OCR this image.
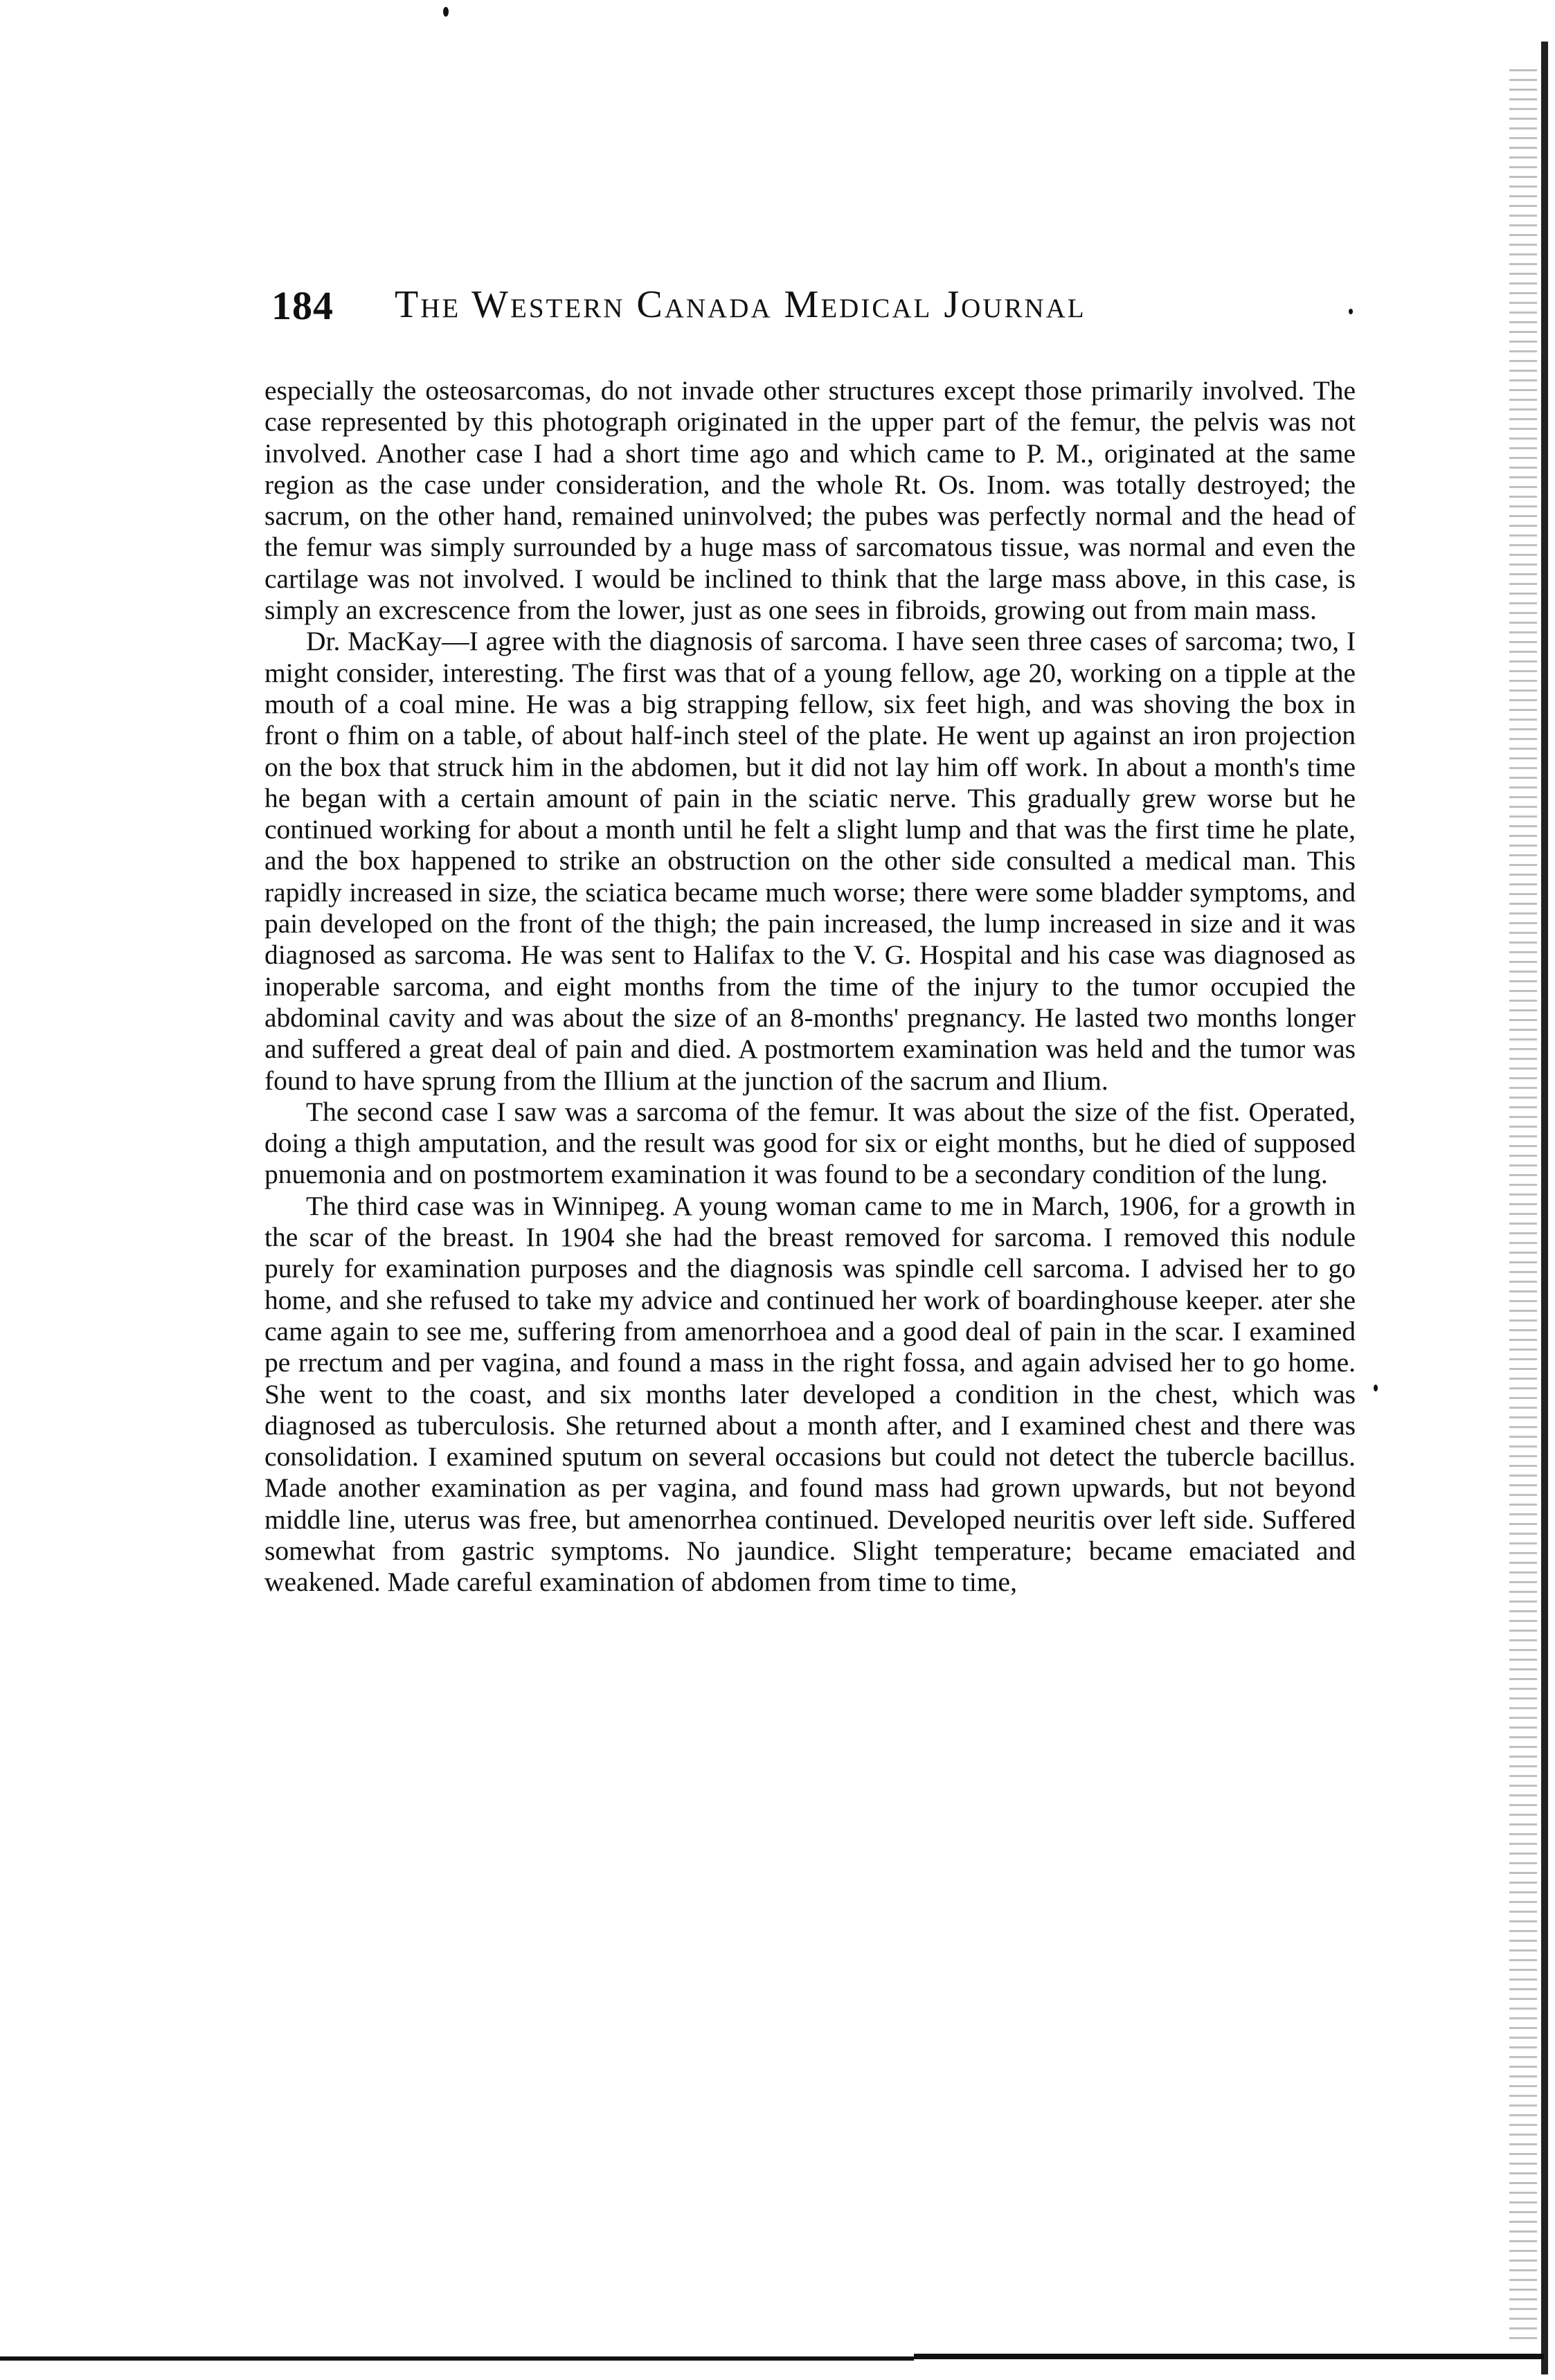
184 The Western Canada Medical Journal

especially the osteosarcomas, do not invade other structures except those primarily involved. The case represented by this photograph originated in the upper part of the femur, the pelvis was not involved. Another case I had a short time ago and which came to P. M., originated at the same region as the case under consideration, and the whole Rt. Os. Inom. was totally destroyed; the sacrum, on the other hand, remained uninvolved; the pubes was perfectly normal and the head of the femur was simply surrounded by a huge mass of sarcomatous tissue, was normal and even the cartilage was not involved. I would be inclined to think that the large mass above, in this case, is simply an excrescence from the lower, just as one sees in fibroids, growing out from main mass.

Dr. MacKay—I agree with the diagnosis of sarcoma. I have seen three cases of sarcoma; two, I might consider, interesting. The first was that of a young fellow, age 20, working on a tipple at the mouth of a coal mine. He was a big strapping fellow, six feet high, and was shoving the box in front o fhim on a table, of about half-inch steel of the plate. He went up against an iron projection on the box that struck him in the abdomen, but it did not lay him off work. In about a month's time he began with a certain amount of pain in the sciatic nerve. This gradually grew worse but he continued working for about a month until he felt a slight lump and that was the first time he plate, and the box happened to strike an obstruction on the other side consulted a medical man. This rapidly increased in size, the sciatica became much worse; there were some bladder symptoms, and pain developed on the front of the thigh; the pain increased, the lump increased in size and it was diagnosed as sarcoma. He was sent to Halifax to the V. G. Hospital and his case was diagnosed as inoperable sarcoma, and eight months from the time of the injury to the tumor occupied the abdominal cavity and was about the size of an 8-months' pregnancy. He lasted two months longer and suffered a great deal of pain and died. A postmortem examination was held and the tumor was found to have sprung from the Illium at the junction of the sacrum and Ilium.

The second case I saw was a sarcoma of the femur. It was about the size of the fist. Operated, doing a thigh amputation, and the result was good for six or eight months, but he died of supposed pnuemonia and on postmortem examination it was found to be a secondary condition of the lung.

The third case was in Winnipeg. A young woman came to me in March, 1906, for a growth in the scar of the breast. In 1904 she had the breast removed for sarcoma. I removed this nodule purely for examination purposes and the diagnosis was spindle cell sarcoma. I advised her to go home, and she refused to take my advice and continued her work of boardinghouse keeper. ater she came again to see me, suffering from amenorrhoea and a good deal of pain in the scar. I examined pe rrectum and per vagina, and found a mass in the right fossa, and again advised her to go home. She went to the coast, and six months later developed a condition in the chest, which was diagnosed as tuberculosis. She returned about a month after, and I examined chest and there was consolidation. I examined sputum on several occasions but could not detect the tubercle bacillus. Made another examination as per vagina, and found mass had grown upwards, but not beyond middle line, uterus was free, but amenorrhea continued. Developed neuritis over left side. Suffered somewhat from gastric symptoms. No jaundice. Slight temperature; became emaciated and weakened. Made careful examination of abdomen from time to time,
